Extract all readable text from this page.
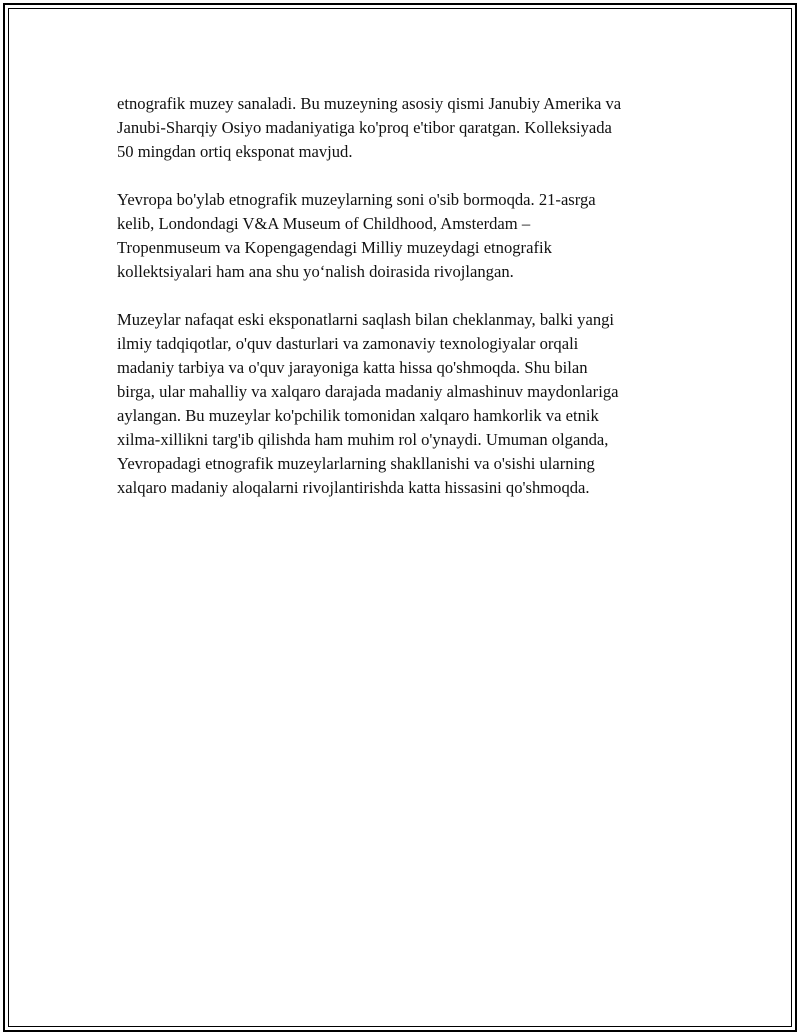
etnografik muzey sanaladi. Bu muzeyning asosiy qismi Janubiy Amerika va
Janubi-Sharqiy Osiyo madaniyatiga ko'proq e'tibor qaratgan. Kolleksiyada
50 mingdan ortiq eksponat mavjud.

Yevropa bo'ylab etnografik muzeylarning soni o'sib bormoqda. 21-asrga
kelib, Londondagi V&A Museum of Childhood, Amsterdam –
Tropenmuseum va Kopengagendagi Milliy muzeydagi etnografik
kollektsiyalari ham ana shu yo‘nalish doirasida rivojlangan.

Muzeylar nafaqat eski eksponatlarni saqlash bilan cheklanmay, balki yangi
ilmiy tadqiqotlar, o'quv dasturlari va zamonaviy texnologiyalar orqali
madaniy tarbiya va o'quv jarayoniga katta hissa qo'shmoqda. Shu bilan
birga, ular mahalliy va xalqaro darajada madaniy almashinuv maydonlariga
aylangan. Bu muzeylar ko'pchilik tomonidan xalqaro hamkorlik va etnik
xilma-xillikni targ'ib qilishda ham muhim rol o'ynaydi. Umuman olganda,
Yevropadagi etnografik muzeylarlarning shakllanishi va o'sishi ularning
xalqaro madaniy aloqalarni rivojlantirishda katta hissasini qo'shmoqda.
